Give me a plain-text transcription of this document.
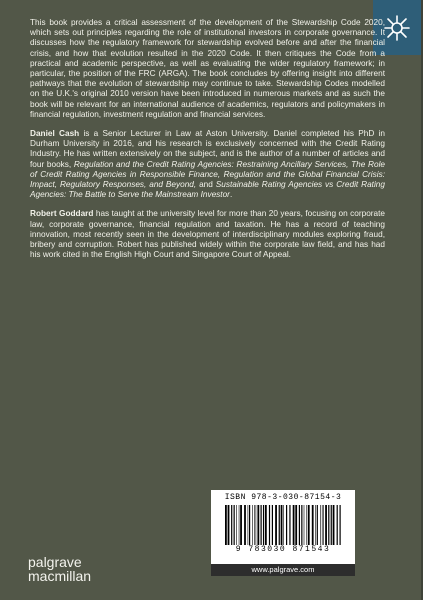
This book provides a critical assessment of the development of the Stewardship Code 2020, which sets out principles regarding the role of institutional investors in corporate governance. It discusses how the regulatory framework for stewardship evolved before and after the financial crisis, and how that evolution resulted in the 2020 Code. It then critiques the Code from a practical and academic perspective, as well as evaluating the wider regulatory framework; in particular, the position of the FRC (ARGA). The book concludes by offering insight into different pathways that the evolution of stewardship may continue to take. Stewardship Codes modelled on the U.K.'s original 2010 version have been introduced in numerous markets and as such the book will be relevant for an international audience of academics, regulators and policymakers in financial regulation, investment regulation and financial services.

Daniel Cash is a Senior Lecturer in Law at Aston University. Daniel completed his PhD in Durham University in 2016, and his research is exclusively concerned with the Credit Rating Industry. He has written extensively on the subject, and is the author of a number of articles and four books, Regulation and the Credit Rating Agencies: Restraining Ancillary Services, The Role of Credit Rating Agencies in Responsible Finance, Regulation and the Global Financial Crisis: Impact, Regulatory Responses, and Beyond, and Sustainable Rating Agencies vs Credit Rating Agencies: The Battle to Serve the Mainstream Investor.

Robert Goddard has taught at the university level for more than 20 years, focusing on corporate law, corporate governance, financial regulation and taxation. He has a record of teaching innovation, most recently seen in the development of interdisciplinary modules exploring fraud, bribery and corruption. Robert has published widely within the corporate law field, and has had his work cited in the English High Court and Singapore Court of Appeal.

ISBN 978-3-030-87154-3
9 783030 871543
www.palgrave.com
palgrave
macmillan
